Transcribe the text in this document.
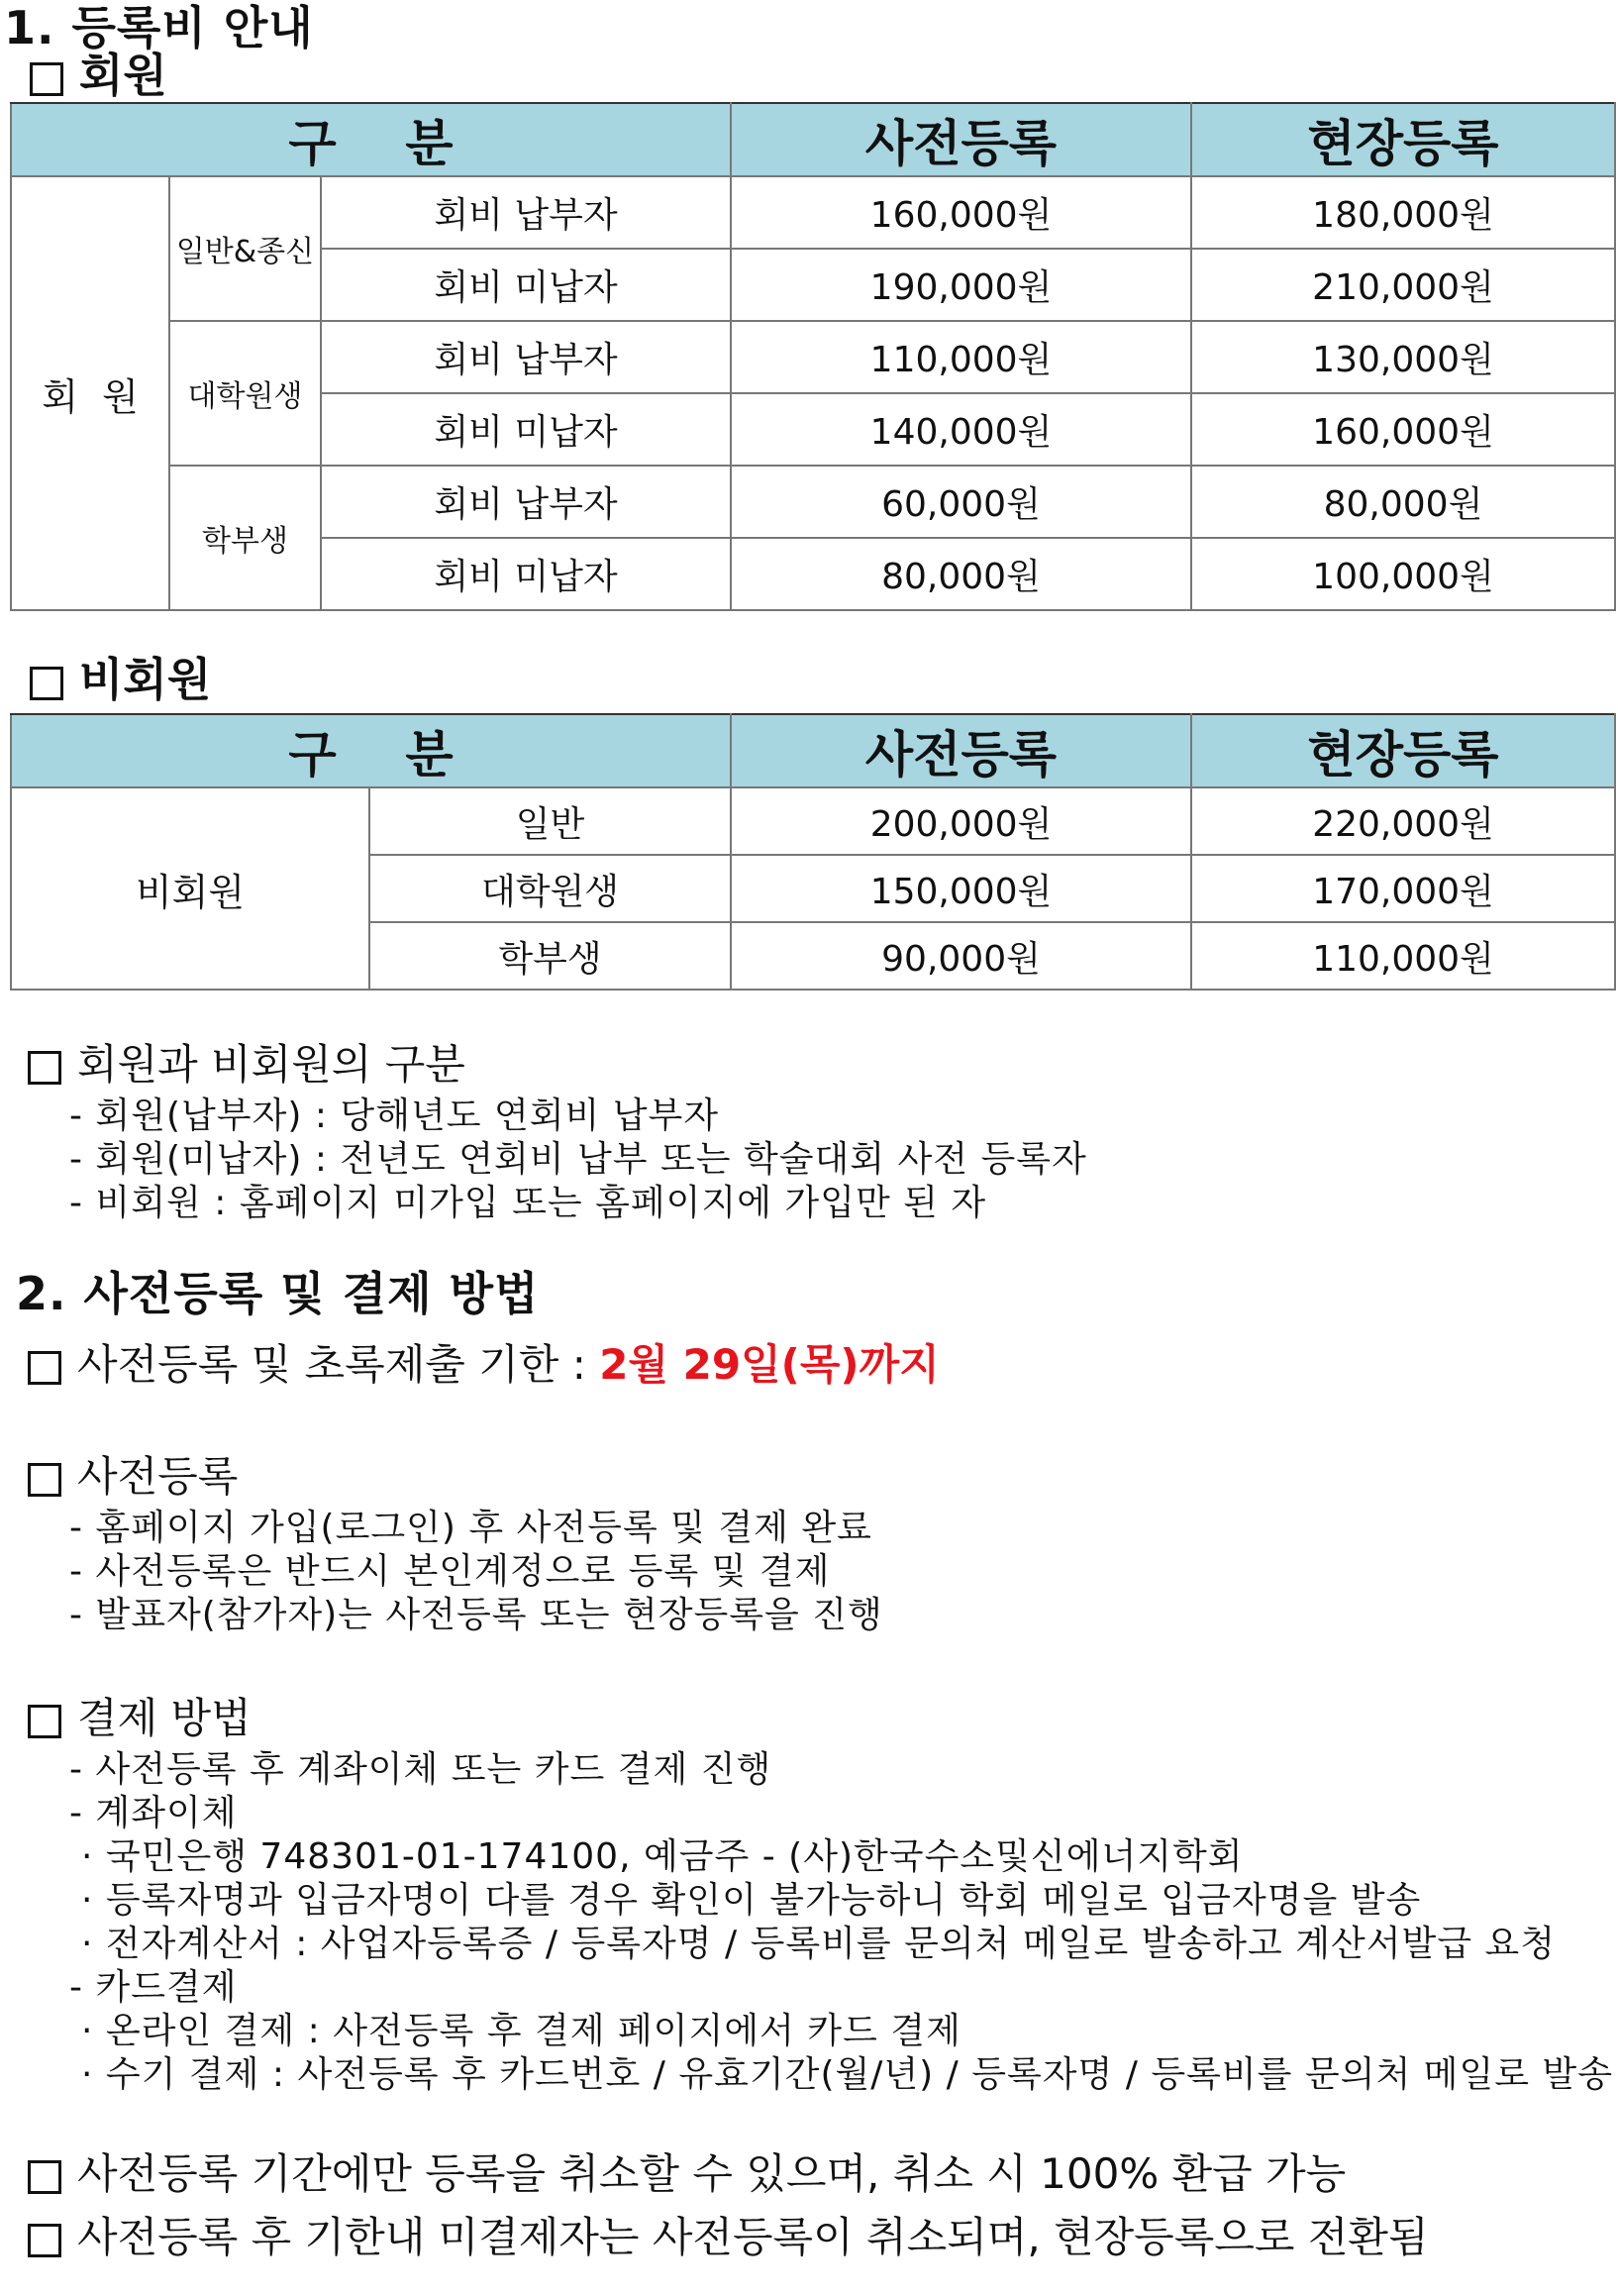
1. 등록비 안내
회원
구    분			사전등록	현장등록
회  원	일반&종신	회비 납부자	160,000원	180,000원
		회비 미납자	190,000원	210,000원
	대학원생	회비 납부자	110,000원	130,000원
		회비 미납자	140,000원	160,000원
	학부생	회비 납부자	60,000원	80,000원
		회비 미납자	80,000원	100,000원
비회원
구    분		사전등록	현장등록
비회원	일반	200,000원	220,000원
	대학원생	150,000원	170,000원
	학부생	90,000원	110,000원
회원과 비회원의 구분
- 회원(납부자) : 당해년도 연회비 납부자
- 회원(미납자) : 전년도 연회비 납부 또는 학술대회 사전 등록자
- 비회원 : 홈페이지 미가입 또는 홈페이지에 가입만 된 자
2. 사전등록 및 결제 방법
사전등록 및 초록제출 기한 : 2월 29일(목)까지
사전등록
- 홈페이지 가입(로그인) 후 사전등록 및 결제 완료
- 사전등록은 반드시 본인계정으로 등록 및 결제
- 발표자(참가자)는 사전등록 또는 현장등록을 진행
결제 방법
- 사전등록 후 계좌이체 또는 카드 결제 진행
- 계좌이체
· 국민은행 748301-01-174100, 예금주 - (사)한국수소및신에너지학회
· 등록자명과 입금자명이 다를 경우 확인이 불가능하니 학회 메일로 입금자명을 발송
· 전자계산서 : 사업자등록증 / 등록자명 / 등록비를 문의처 메일로 발송하고 계산서발급 요청
- 카드결제
· 온라인 결제 : 사전등록 후 결제 페이지에서 카드 결제
· 수기 결제 : 사전등록 후 카드번호 / 유효기간(월/년) / 등록자명 / 등록비를 문의처 메일로 발송
사전등록 기간에만 등록을 취소할 수 있으며, 취소 시 100% 환급 가능
사전등록 후 기한내 미결제자는 사전등록이 취소되며, 현장등록으로 전환됨
